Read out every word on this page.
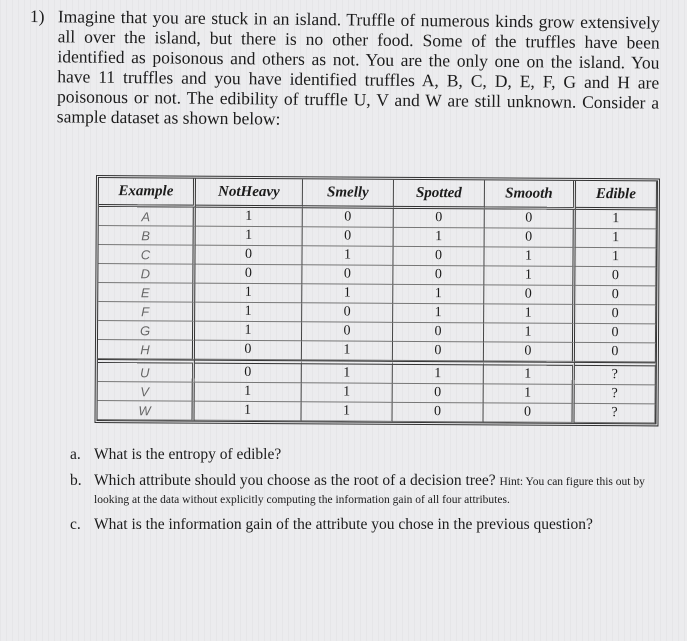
1) Imagine that you are stuck in an island. Truffle of numerous kinds grow extensively all over the island, but there is no other food. Some of the truffles have been identified as poisonous and others as not. You are the only one on the island. You have 11 truffles and you have identified truffles A, B, C, D, E, F, G and H are poisonous or not. The edibility of truffle U, V and W are still unknown. Consider a sample dataset as shown below:
Example	NotHeavy	Smelly	Spotted	Smooth	Edible
A	1	0	0	0	1
B	1	0	1	0	1
C	0	1	0	1	1
D	0	0	0	1	0
E	1	1	1	0	0
F	1	0	1	1	0
G	1	0	0	1	0
H	0	1	0	0	0
U	0	1	1	1	?
V	1	1	0	1	?
W	1	1	0	0	?
a. What is the entropy of edible?
b. Which attribute should you choose as the root of a decision tree? Hint: You can figure this out by looking at the data without explicitly computing the information gain of all four attributes.
c. What is the information gain of the attribute you chose in the previous question?
